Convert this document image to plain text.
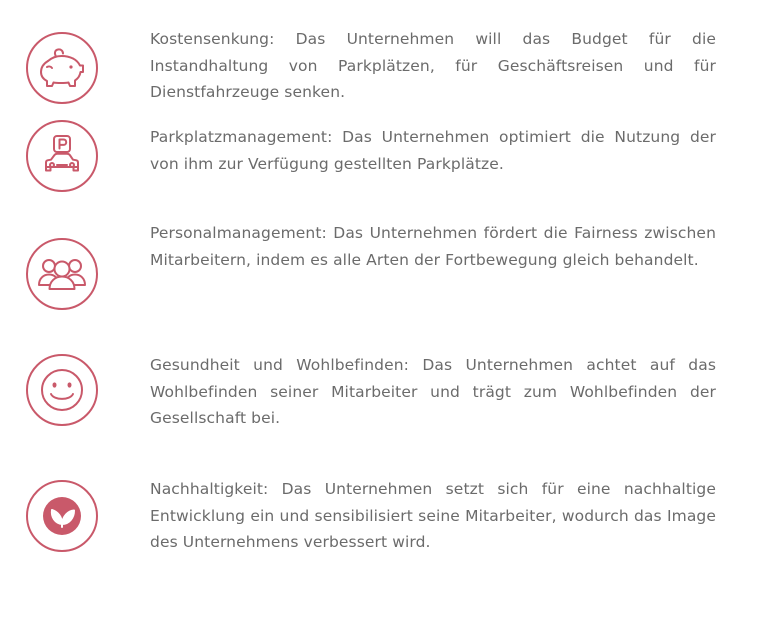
Kostensenkung: Das Unternehmen will das Budget für die Instandhaltung von Parkplätzen, für Geschäftsreisen und für Dienstfahrzeuge senken.
Parkplatzmanagement: Das Unternehmen optimiert die Nutzung der von ihm zur Verfügung gestellten Parkplätze.
Personalmanagement: Das Unternehmen fördert die Fairness zwischen Mitarbeitern, indem es alle Arten der Fortbewegung gleich behandelt.
Gesundheit und Wohlbefinden: Das Unternehmen achtet auf das Wohlbefinden seiner Mitarbeiter und trägt zum Wohlbefinden der Gesellschaft bei.
Nachhaltigkeit: Das Unternehmen setzt sich für eine nachhaltige Entwicklung ein und sensibilisiert seine Mitarbeiter, wodurch das Image des Unternehmens verbessert wird.
